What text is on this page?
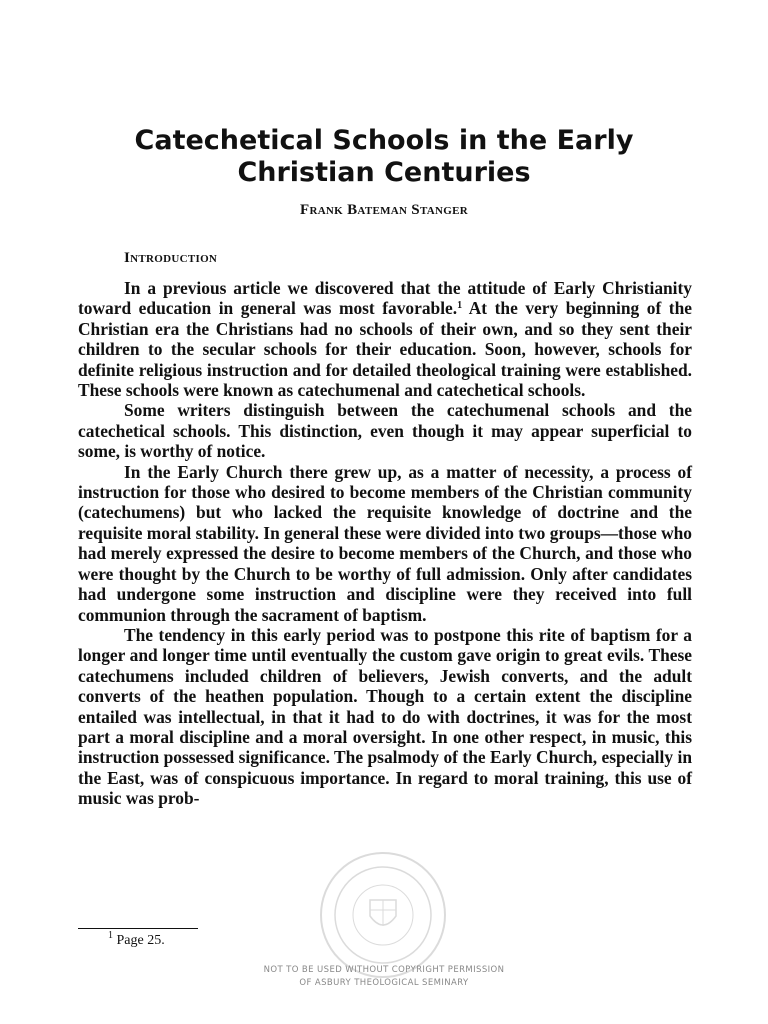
Catechetical Schools in the Early Christian Centuries

Frank Bateman Stanger

Introduction

In a previous article we discovered that the attitude of Early Christianity toward education in general was most favorable.$^1$ At the very beginning of the Christian era the Christians had no schools of their own, and so they sent their children to the secular schools for their education. Soon, however, schools for definite religious instruction and for detailed theological training were established. These schools were known as catechumenal and catechetical schools.

Some writers distinguish between the catechumenal schools and the catechetical schools. This distinction, even though it may appear superficial to some, is worthy of notice.

In the Early Church there grew up, as a matter of necessity, a process of instruction for those who desired to become members of the Christian community (catechumens) but who lacked the requisite knowledge of doctrine and the requisite moral stability. In general these were divided into two groups—those who had merely expressed the desire to become members of the Church, and those who were thought by the Church to be worthy of full admission. Only after candidates had undergone some instruction and discipline were they received into full communion through the sacrament of baptism.

The tendency in this early period was to postpone this rite of baptism for a longer and longer time until eventually the custom gave origin to great evils. These catechumens included children of believers, Jewish converts, and the adult converts of the heathen population. Though to a certain extent the discipline entailed was intellectual, in that it had to do with doctrines, it was for the most part a moral discipline and a moral oversight. In one other respect, in music, this instruction possessed significance. The psalmody of the Early Church, especially in the East, was of conspicuous importance. In regard to moral training, this use of music was prob-

$^1$ Page 25.

NOT TO BE USED WITHOUT COPYRIGHT PERMISSION
OF ASBURY THEOLOGICAL SEMINARY
